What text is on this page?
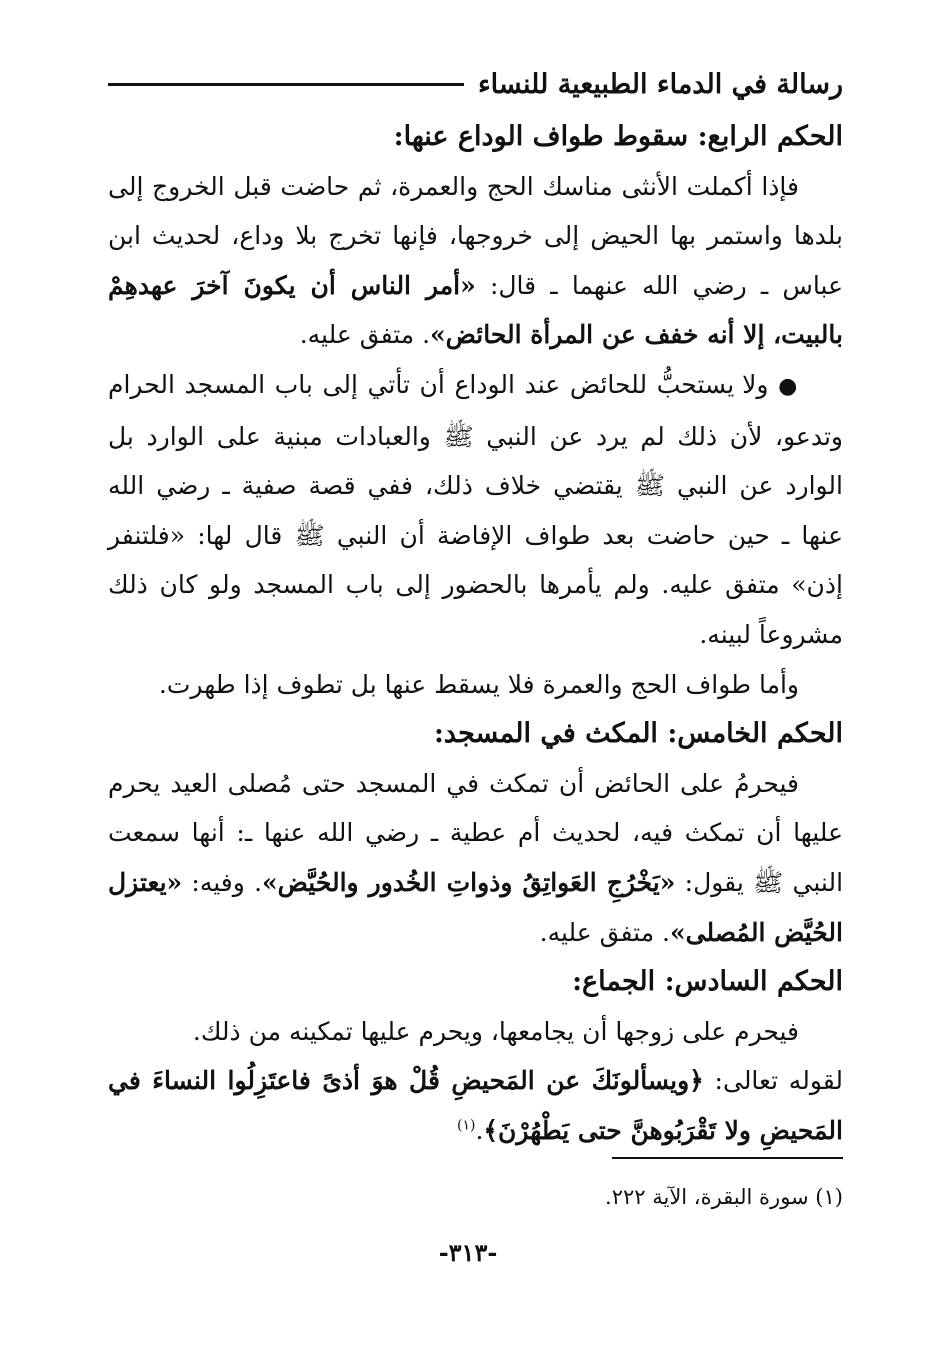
رسالة في الدماء الطبيعية للنساء

الحكم الرابع: سقوط طواف الوداع عنها:

فإذا أكملت الأنثى مناسك الحج والعمرة، ثم حاضت قبل الخروج إلى بلدها واستمر بها الحيض إلى خروجها، فإنها تخرج بلا وداع، لحديث ابن عباس ـ رضي الله عنهما ـ قال: «أمر الناس أن يكونَ آخرَ عهدهِمْ بالبيت، إلا أنه خفف عن المرأة الحائض». متفق عليه.

● ولا يستحبُّ للحائض عند الوداع أن تأتي إلى باب المسجد الحرام وتدعو، لأن ذلك لم يرد عن النبي ﷺ والعبادات مبنية على الوارد بل الوارد عن النبي ﷺ يقتضي خلاف ذلك، ففي قصة صفية ـ رضي الله عنها ـ حين حاضت بعد طواف الإفاضة أن النبي ﷺ قال لها: «فلتنفر إذن» متفق عليه. ولم يأمرها بالحضور إلى باب المسجد ولو كان ذلك مشروعاً لبينه.

وأما طواف الحج والعمرة فلا يسقط عنها بل تطوف إذا طهرت.

الحكم الخامس: المكث في المسجد:

فيحرمُ على الحائض أن تمكث في المسجد حتى مُصلى العيد يحرم عليها أن تمكث فيه، لحديث أم عطية ـ رضي الله عنها ـ: أنها سمعت النبي ﷺ يقول: «يَخْرُجِ العَواتِقُ وذواتِ الخُدور والحُيَّض». وفيه: «يعتزل الحُيَّض المُصلى». متفق عليه.

الحكم السادس: الجماع:

فيحرم على زوجها أن يجامعها، ويحرم عليها تمكينه من ذلك.

لقوله تعالى: ﴿ويسألونَكَ عن المَحيضِ قُلْ هوَ أذىً فاعتَزِلُوا النساءَ في المَحيضِ ولا تَقْرَبُوهنَّ حتى يَطْهُرْنَ﴾.$^{(١)}$

(١) سورة البقرة، الآية ٢٢٢.
-٣١٣-
